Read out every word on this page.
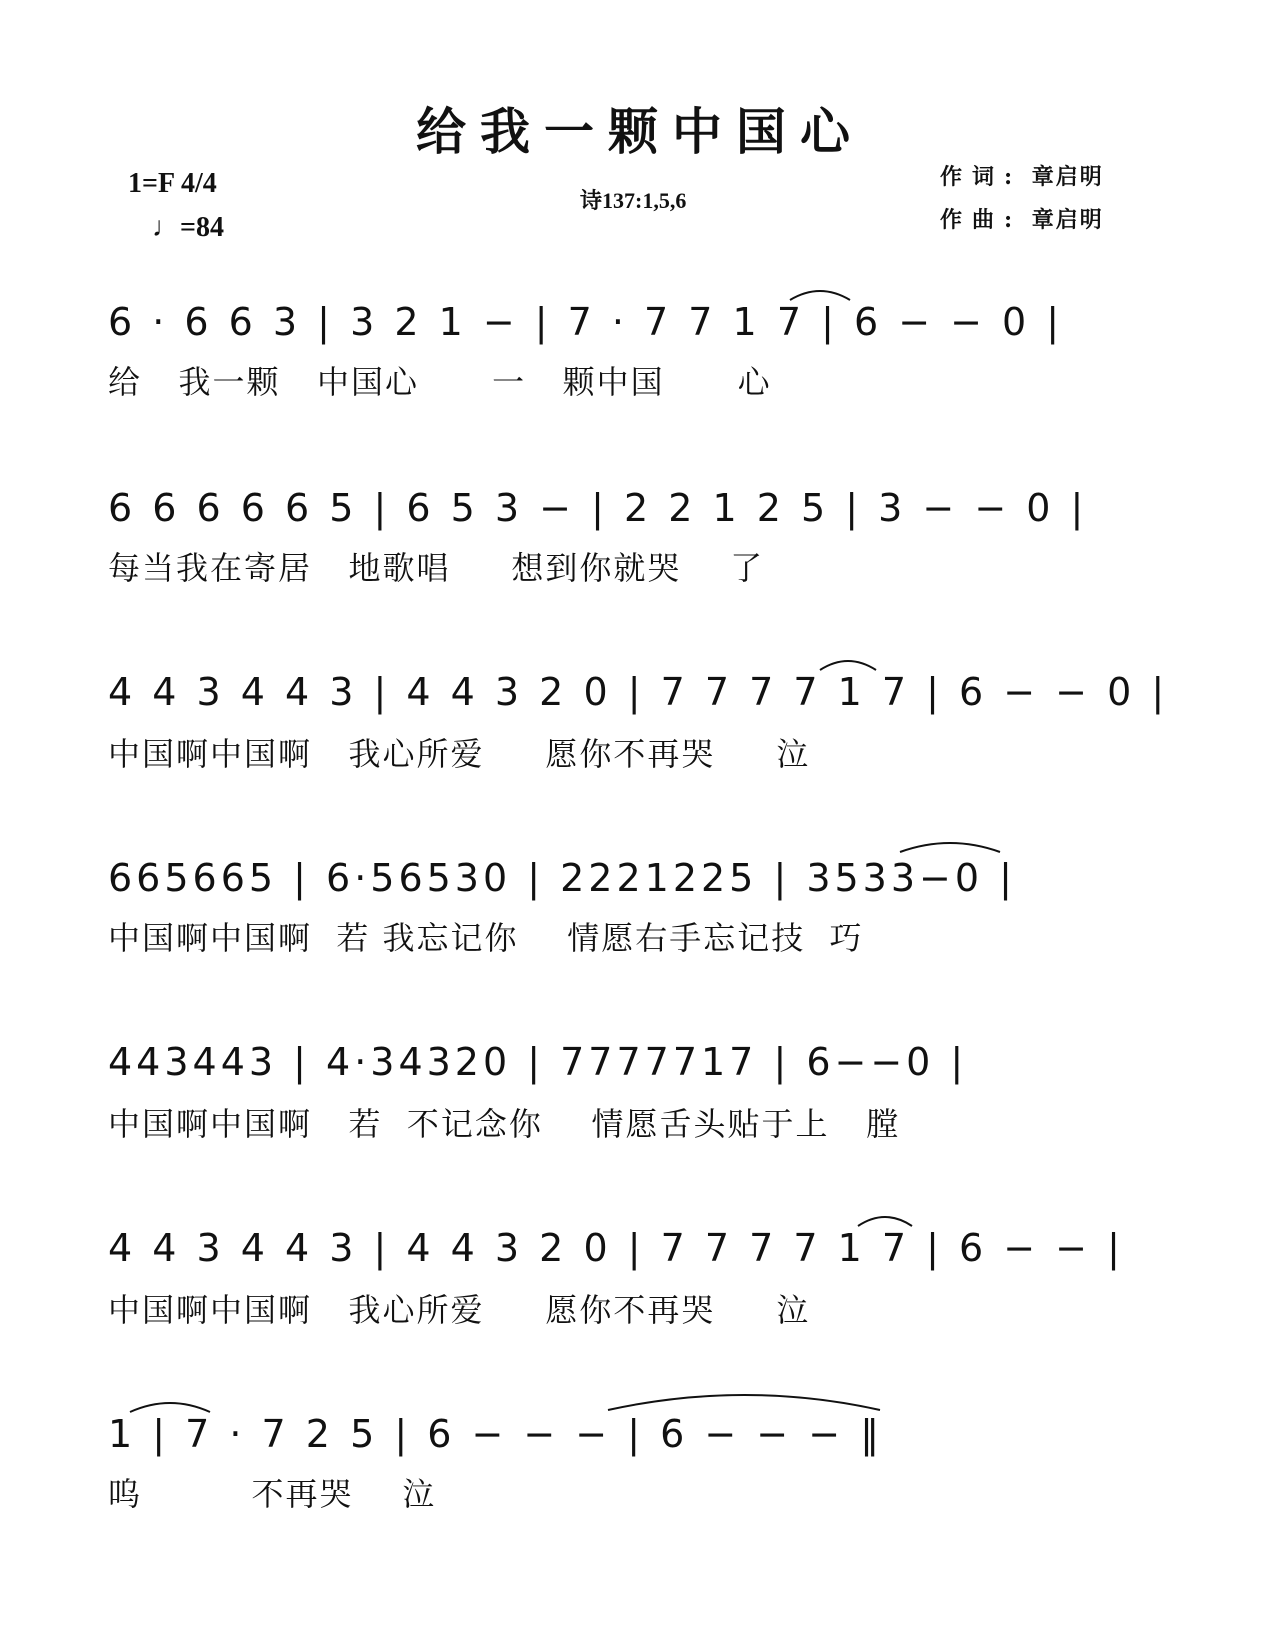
给我一颗中国心
1=F 4/4
♩=84
诗137:1,5,6
作词: 章启明
作曲: 章启明
6 · 6 6 3 | 3 2 1 − | 7 · 7 7 1 7 | 6 − − 0 |
给   我一颗   中国心      一   颗中国      心
6 6 6 6 6 5 | 6 5 3 − | 2 2 1 2 5 | 3 − − 0 |
每当我在寄居   地歌唱     想到你就哭    了
4 4 3 4 4 3 | 4 4 3 2 0 | 7 7 7 7 1 7 | 6 − − 0 |
中国啊中国啊   我心所爱     愿你不再哭     泣
665665 | 6·56530 | 2221225 | 3533−0 |
中国啊中国啊  若 我忘记你    情愿右手忘记技  巧
443443 | 4·34320 | 7777717 | 6−−0 |
中国啊中国啊   若  不记念你    情愿舌头贴于上   膛
4 4 3 4 4 3 | 4 4 3 2 0 | 7 7 7 7 1 7 | 6 − − |
中国啊中国啊   我心所爱     愿你不再哭     泣
1 | 7 · 7 2 5 | 6 − − − | 6 − − − ‖
呜         不再哭    泣
